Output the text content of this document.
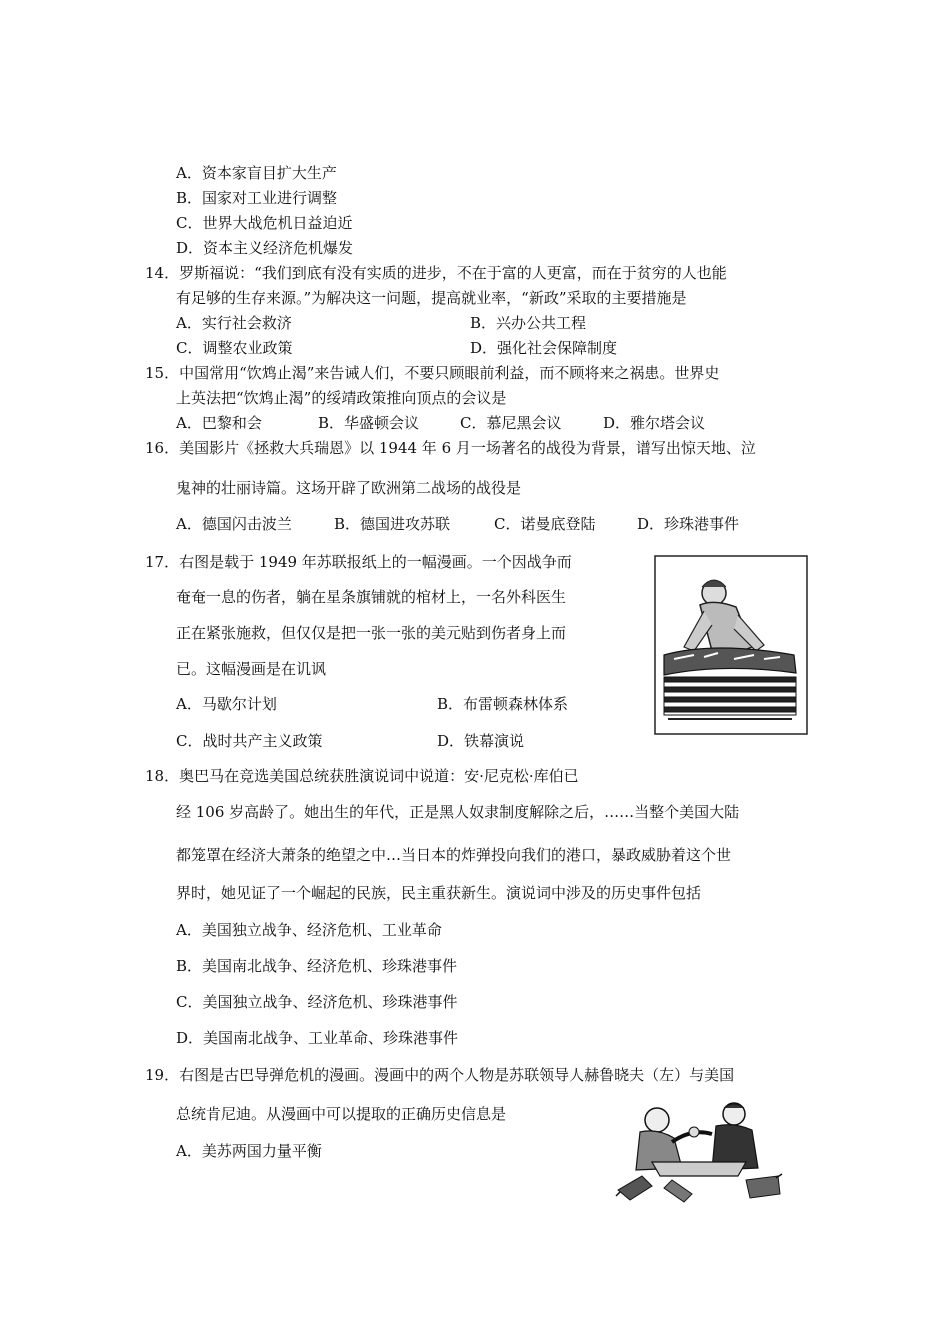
A．资本家盲目扩大生产
B．国家对工业进行调整
C．世界大战危机日益迫近
D．资本主义经济危机爆发
14．罗斯福说：“我们到底有没有实质的进步，不在于富的人更富，而在于贫穷的人也能
有足够的生存来源。”为解决这一问题，提高就业率，“新政”采取的主要措施是
A．实行社会救济	B．兴办公共工程
C．调整农业政策	D．强化社会保障制度
15．中国常用“饮鸩止渴”来告诫人们，不要只顾眼前利益，而不顾将来之祸患。世界史
上英法把“饮鸩止渴”的绥靖政策推向顶点的会议是
A．巴黎和会	B．华盛顿会议	C．慕尼黑会议	D．雅尔塔会议
16．美国影片《拯救大兵瑞恩》以 1944 年 6 月一场著名的战役为背景，谱写出惊天地、泣
鬼神的壮丽诗篇。这场开辟了欧洲第二战场的战役是
A．德国闪击波兰	B．德国进攻苏联	C．诺曼底登陆	D．珍珠港事件
17．右图是载于 1949 年苏联报纸上的一幅漫画。一个因战争而
奄奄一息的伤者，躺在星条旗铺就的棺材上，一名外科医生
正在紧张施救，但仅仅是把一张一张的美元贴到伤者身上而
已。这幅漫画是在讥讽
A．马歇尔计划	B．布雷顿森林体系
C．战时共产主义政策	D．铁幕演说
18．奥巴马在竞选美国总统获胜演说词中说道：安·尼克松·库伯已
经 106 岁高龄了。她出生的年代，正是黑人奴隶制度解除之后，……当整个美国大陆
都笼罩在经济大萧条的绝望之中…当日本的炸弹投向我们的港口，暴政威胁着这个世
界时，她见证了一个崛起的民族，民主重获新生。演说词中涉及的历史事件包括
A．美国独立战争、经济危机、工业革命
B．美国南北战争、经济危机、珍珠港事件
C．美国独立战争、经济危机、珍珠港事件
D．美国南北战争、工业革命、珍珠港事件
19．右图是古巴导弹危机的漫画。漫画中的两个人物是苏联领导人赫鲁晓夫（左）与美国
总统肯尼迪。从漫画中可以提取的正确历史信息是
A．美苏两国力量平衡
